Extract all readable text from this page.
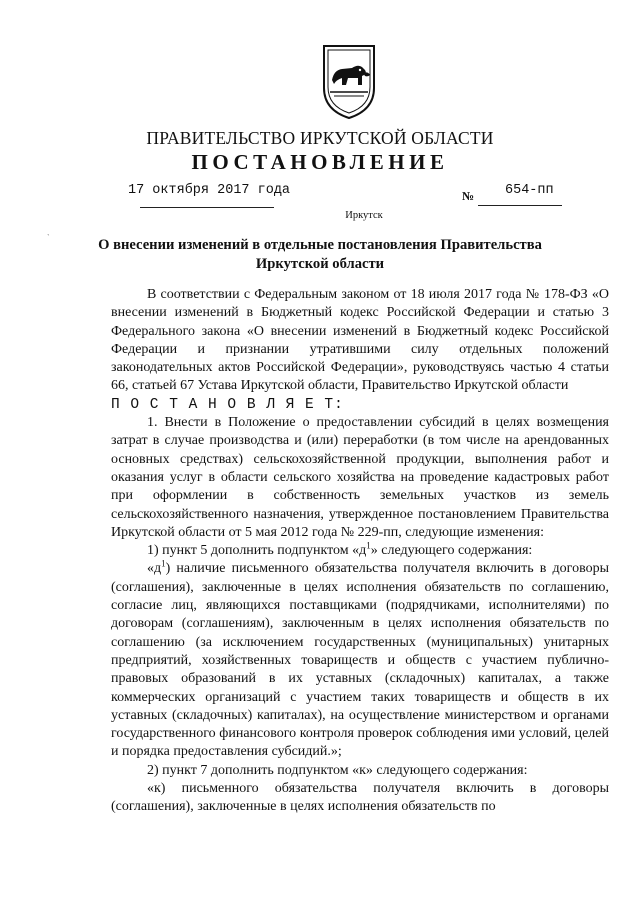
ПРАВИТЕЛЬСТВО ИРКУТСКОЙ ОБЛАСТИ
ПОСТАНОВЛЕНИЕ
17 октября 2017 года	№ 654-пп
Иркутск
ˋ	О внесении изменений в отдельные постановления Правительства Иркутской области

В соответствии с Федеральным законом от 18 июля 2017 года № 178-ФЗ «О внесении изменений в Бюджетный кодекс Российской Федерации и статью 3 Федерального закона «О внесении изменений в Бюджетный кодекс Российской Федерации и признании утратившими силу отдельных положений законодательных актов Российской Федерации», руководствуясь частью 4 статьи 66, статьей 67 Устава Иркутской области, Правительство Иркутской области

П О С Т А Н О В Л Я Е Т:

1. Внести в Положение о предоставлении субсидий в целях возмещения затрат в случае производства и (или) переработки (в том числе на арендованных основных средствах) сельскохозяйственной продукции, выполнения работ и оказания услуг в области сельского хозяйства на проведение кадастровых работ при оформлении в собственность земельных участков из земель сельскохозяйственного назначения, утвержденное постановлением Правительства Иркутской области от 5 мая 2012 года № 229-пп, следующие изменения:

1) пункт 5 дополнить подпунктом «$д^1$» следующего содержания:

«$д^1$) наличие письменного обязательства получателя включить в договоры (соглашения), заключенные в целях исполнения обязательств по соглашению, согласие лиц, являющихся поставщиками (подрядчиками, исполнителями) по договорам (соглашениям), заключенным в целях исполнения обязательств по соглашению (за исключением государственных (муниципальных) унитарных предприятий, хозяйственных товариществ и обществ с участием публично-правовых образований в их уставных (складочных) капиталах, а также коммерческих организаций с участием таких товариществ и обществ в их уставных (складочных) капиталах), на осуществление министерством и органами государственного финансового контроля проверок соблюдения ими условий, целей и порядка предоставления субсидий.»;

2) пункт 7 дополнить подпунктом «к» следующего содержания:

«к) письменного обязательства получателя включить в договоры (соглашения), заключенные в целях исполнения обязательств по
